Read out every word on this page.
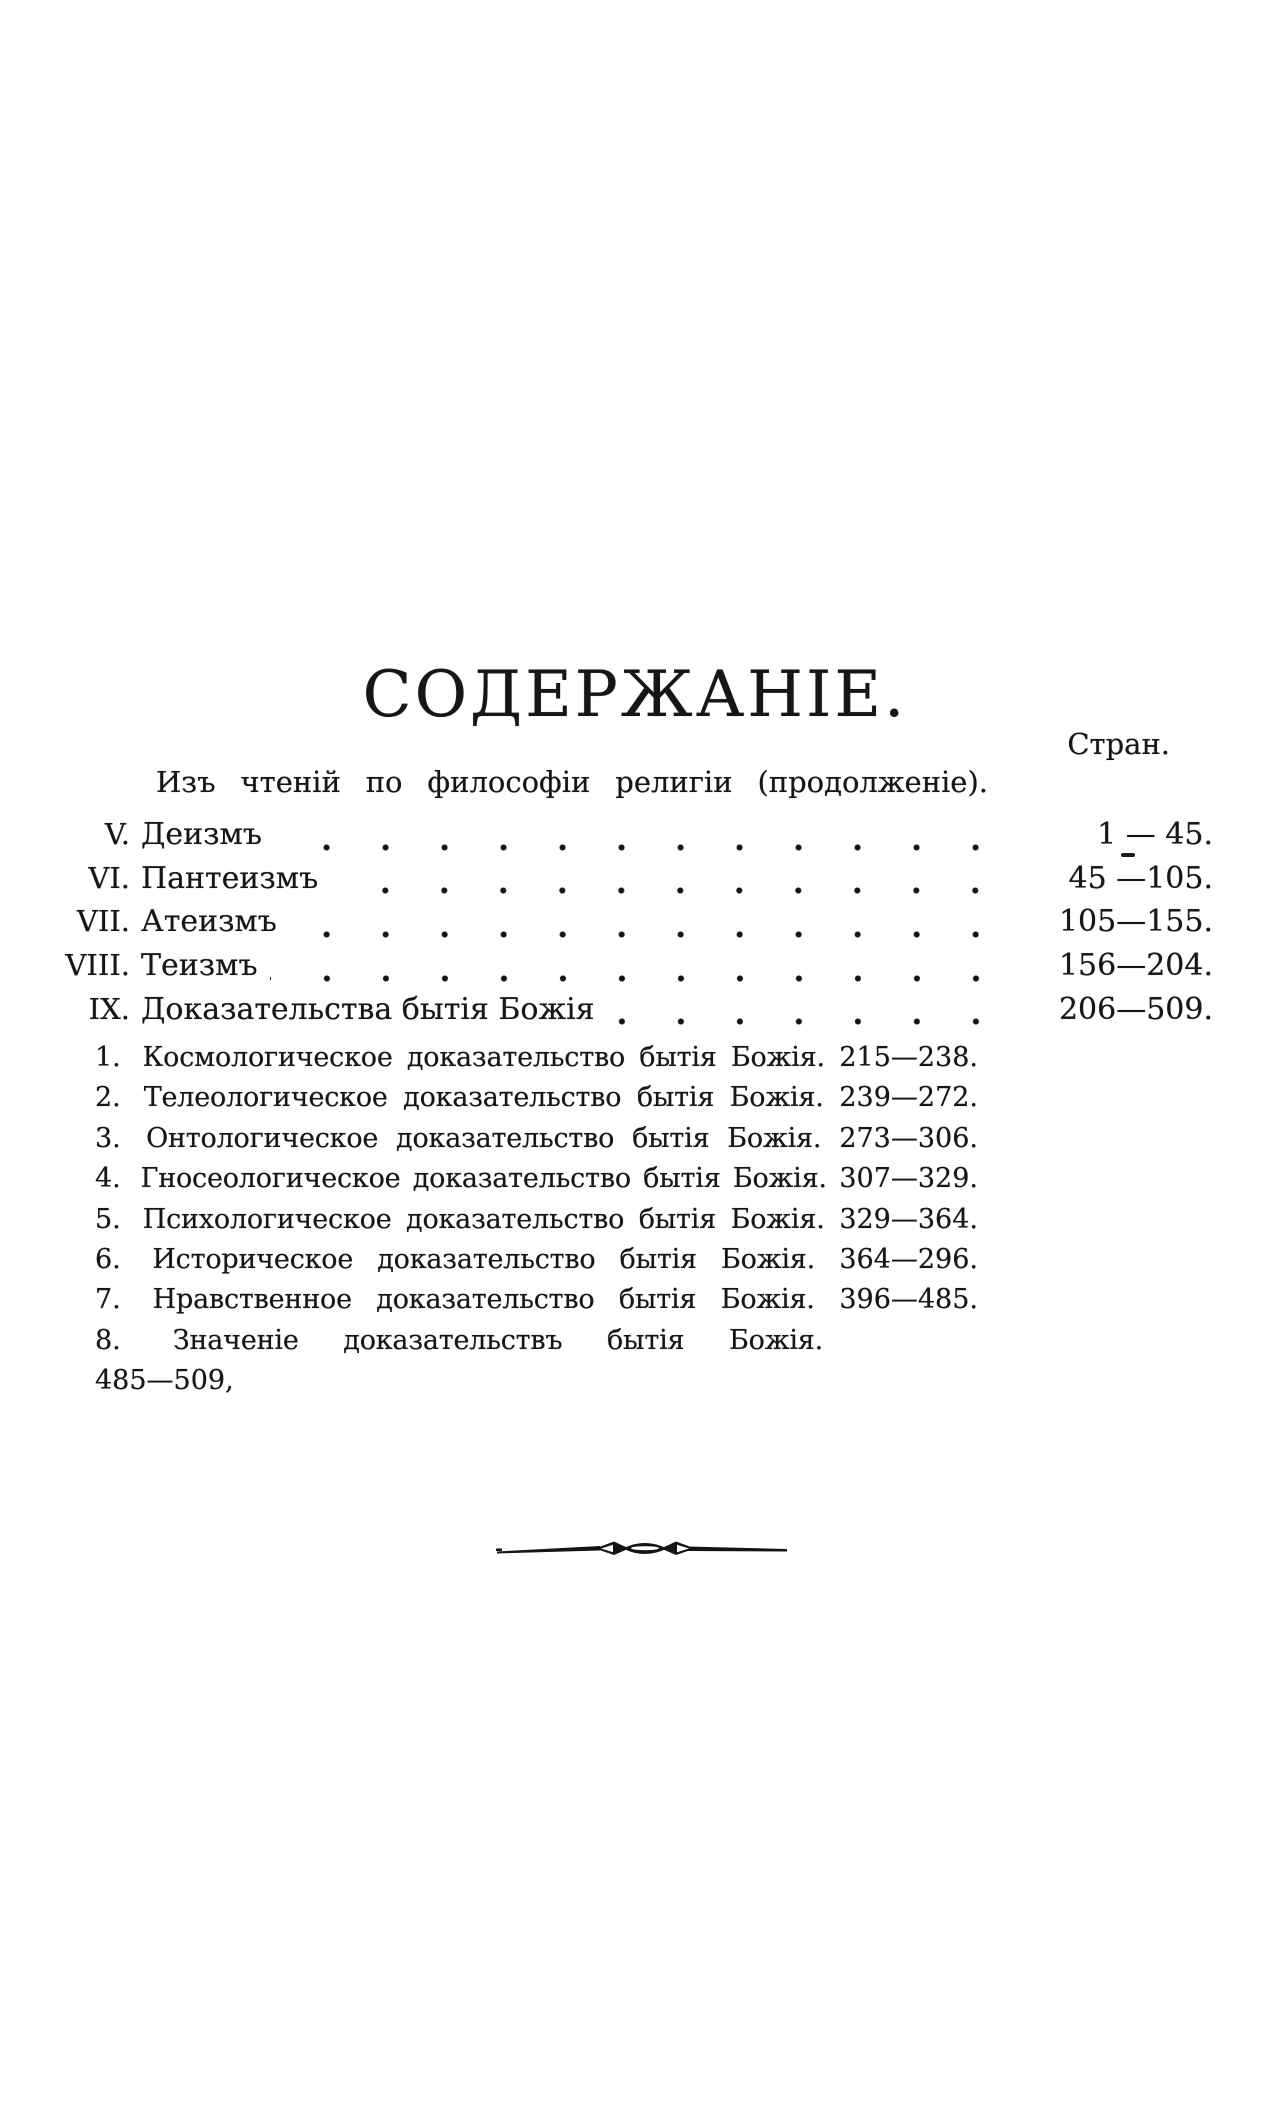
СОДЕРЖАНІЕ.
Стран.
Изъ чтеній по философіи религіи (продолженіе).
V. Деизмъ	1 — 45.
VI. Пантеизмъ	45 —105.
VII. Атеизмъ	105—155.
VIII. Теизмъ	156—204.
IX. Доказательства бытія Божія	206—509.
1. Космологическое доказательство бытія Божія. 215—238.
2. Телеологическое доказательство бытія Божія. 239—272.
3. Онтологическое доказательство бытія Божія. 273—306.
4. Гносеологическое доказательство бытія Божія. 307—329.
5. Психологическое доказательство бытія Божія. 329—364.
6. Историческое доказательство бытія Божія. 364—296.
7. Нравственное доказательство бытія Божія. 396—485.
8. Значеніе доказательствъ бытія Божія. 485—509,
